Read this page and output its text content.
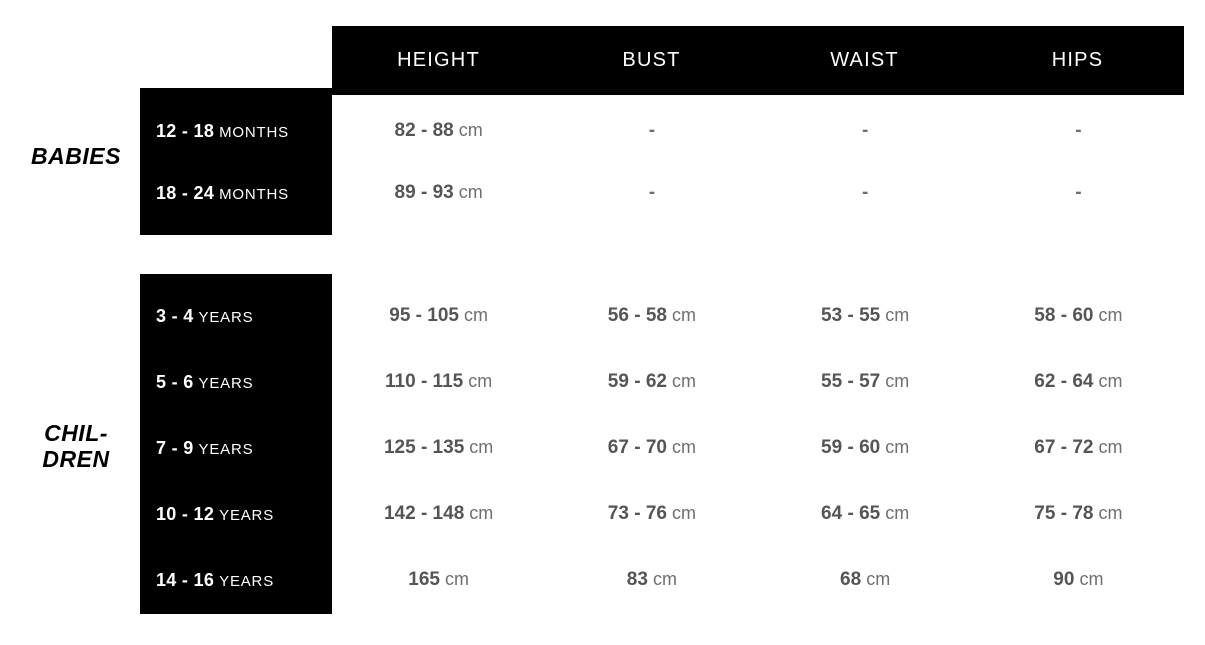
HEIGHT	BUST	WAIST	HIPS
BABIES
CHIL-
DREN
12 - 18 MONTHS	82 - 88 cm	-	-	-
18 - 24 MONTHS	89 - 93 cm	-	-	-
3 - 4 YEARS	95 - 105 cm	56 - 58 cm	53 - 55 cm	58 - 60 cm
5 - 6 YEARS	110 - 115 cm	59 - 62 cm	55 - 57 cm	62 - 64 cm
7 - 9 YEARS	125 - 135 cm	67 - 70 cm	59 - 60 cm	67 - 72 cm
10 - 12 YEARS	142 - 148 cm	73 - 76 cm	64 - 65 cm	75 - 78 cm
14 - 16 YEARS	165 cm	83 cm	68 cm	90 cm
